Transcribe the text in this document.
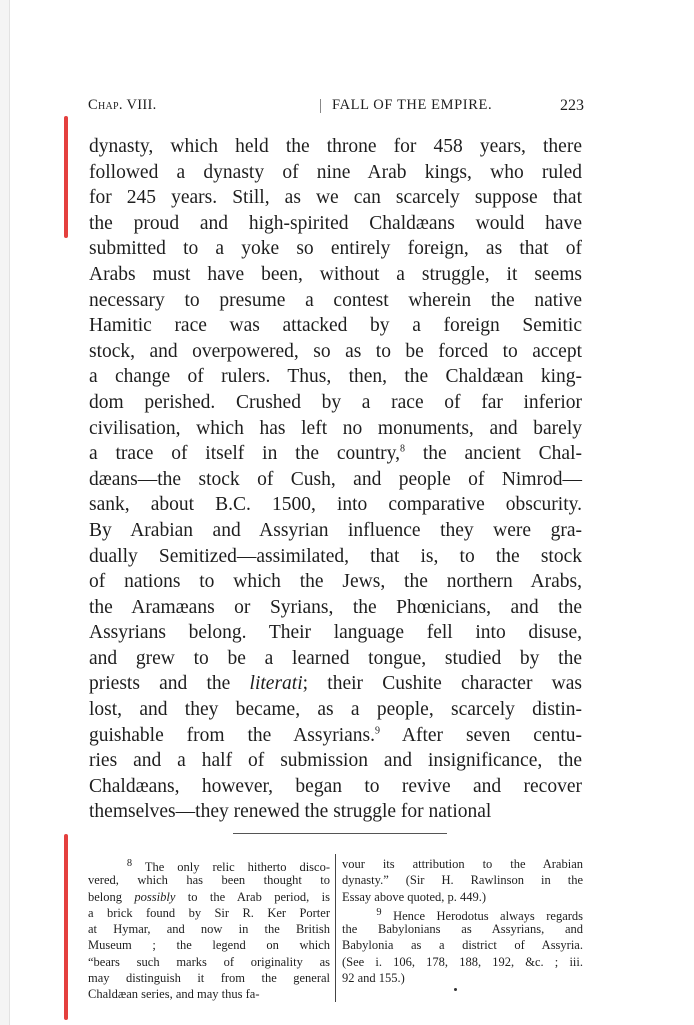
Chap. VIII.	FALL OF THE EMPIRE.	223
dynasty, which held the throne for 458 years, there
followed a dynasty of nine Arab kings, who ruled
for 245 years. Still, as we can scarcely suppose that
the proud and high-spirited Chaldæans would have
submitted to a yoke so entirely foreign, as that of
Arabs must have been, without a struggle, it seems
necessary to presume a contest wherein the native
Hamitic race was attacked by a foreign Semitic
stock, and overpowered, so as to be forced to accept
a change of rulers. Thus, then, the Chaldæan king-
dom perished. Crushed by a race of far inferior
civilisation, which has left no monuments, and barely
a trace of itself in the country,$^8$ the ancient Chal-
dæans—the stock of Cush, and people of Nimrod—
sank, about B.C. 1500, into comparative obscurity.
By Arabian and Assyrian influence they were gra-
dually Semitized—assimilated, that is, to the stock
of nations to which the Jews, the northern Arabs,
the Aramæans or Syrians, the Phœnicians, and the
Assyrians belong. Their language fell into disuse,
and grew to be a learned tongue, studied by the
priests and the literati; their Cushite character was
lost, and they became, as a people, scarcely distin-
guishable from the Assyrians.$^9$ After seven centu-
ries and a half of submission and insignificance, the
Chaldæans, however, began to revive and recover
themselves—they renewed the struggle for national
$^8$ The only relic hitherto disco-
vered, which has been thought to
belong possibly to the Arab period, is
a brick found by Sir R. Ker Porter
at Hymar, and now in the British
Museum ; the legend on which
“bears such marks of originality as
may distinguish it from the general
Chaldæan series, and may thus fa-
vour its attribution to the Arabian
dynasty.” (Sir H. Rawlinson in the
Essay above quoted, p. 449.)
$^9$ Hence Herodotus always regards
the Babylonians as Assyrians, and
Babylonia as a district of Assyria.
(See i. 106, 178, 188, 192, &c. ; iii.
92 and 155.)
